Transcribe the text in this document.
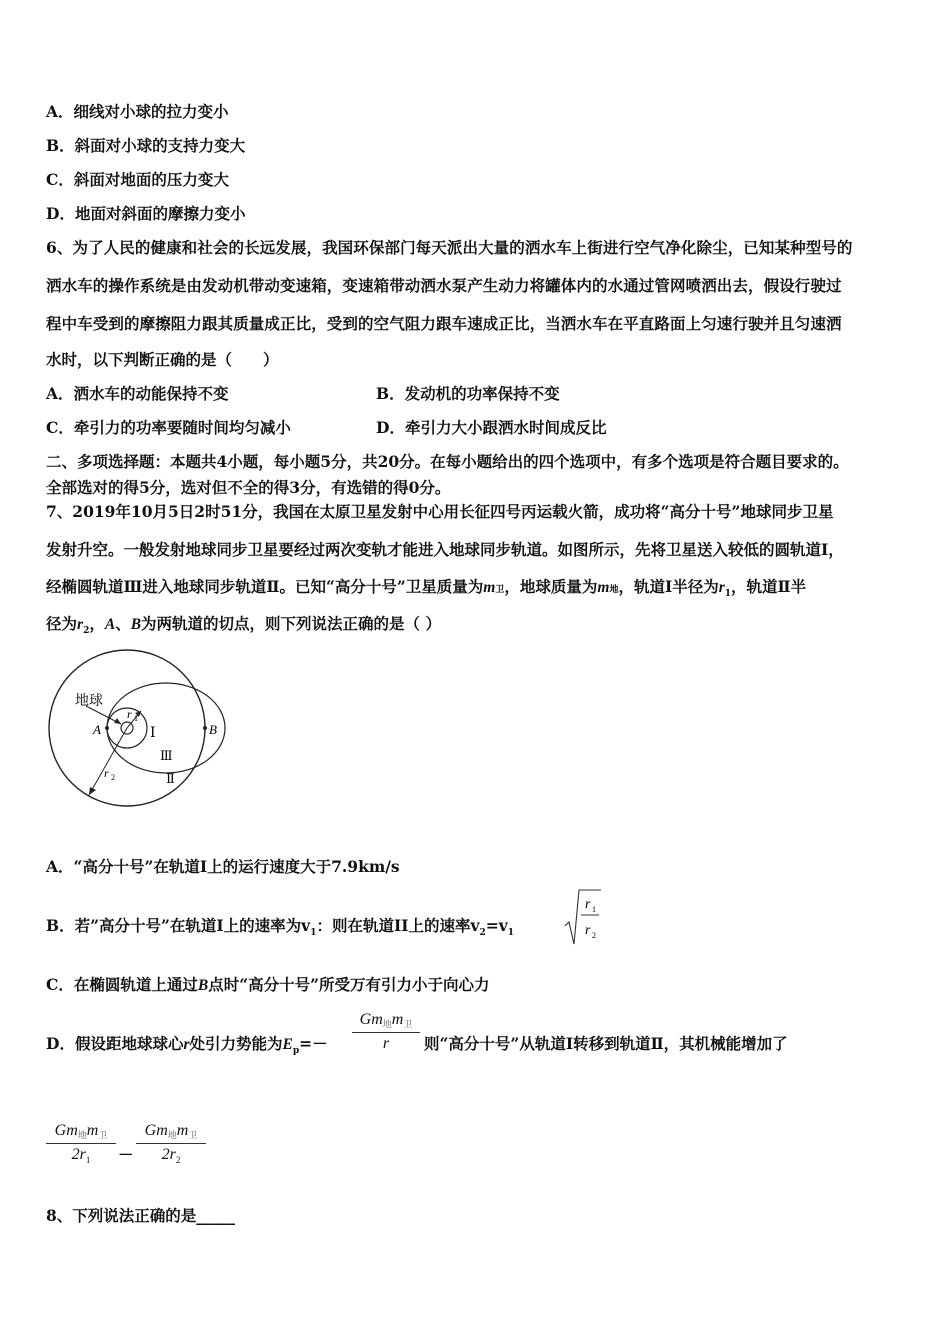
A．细线对小球的拉力变小
B．斜面对小球的支持力变大
C．斜面对地面的压力变大
D．地面对斜面的摩擦力变小
6、为了人民的健康和社会的长远发展，我国环保部门每天派出大量的洒水车上街进行空气净化除尘，已知某种型号的
洒水车的操作系统是由发动机带动变速箱，变速箱带动洒水泵产生动力将罐体内的水通过管网喷洒出去，假设行驶过
程中车受到的摩擦阻力跟其质量成正比，受到的空气阻力跟车速成正比，当洒水车在平直路面上匀速行驶并且匀速洒
水时，以下判断正确的是（　　）
A．洒水车的动能保持不变	B．发动机的功率保持不变
C．牵引力的功率要随时间均匀减小	D．牵引力大小跟洒水时间成反比
二、多项选择题：本题共4小题，每小题5分，共20分。在每小题给出的四个选项中，有多个选项是符合题目要求的。
全部选对的得5分，选对但不全的得3分，有选错的得0分。
7、2019年10月5日2时51分，我国在太原卫星发射中心用长征四号丙运载火箭，成功将“高分十号”地球同步卫星
发射升空。一般发射地球同步卫星要经过两次变轨才能进入地球同步轨道。如图所示，先将卫星送入较低的圆轨道Ⅰ，
经椭圆轨道Ⅲ进入地球同步轨道Ⅱ。已知“高分十号”卫星质量为m卫，地球质量为m地，轨道Ⅰ半径为$r_1$，轨道Ⅱ半
径为$r_2$，A、B为两轨道的切点，则下列说法正确的是（ ）
地球
A	B
r 1
r 2
Ⅰ
Ⅲ
Ⅱ
A．“高分十号”在轨道Ⅰ上的运行速度大于7.9km/s
B．若”高分十号”在轨道I上的速率为$v_1$：则在轨道II上的速率$v_2=v_1$
r 1
r 2
C．在椭圆轨道上通过B点时“高分十号”所受万有引力小于向心力
D．假设距地球球心r处引力势能为$E_p=-$
$Gm_地m_卫$
r	则“高分十号”从轨道Ⅰ转移到轨道Ⅱ，其机械能增加了
$Gm_地m_卫$
$2r_1$	－
$Gm_地m_卫$
$2r_2$
8、下列说法正确的是_____
